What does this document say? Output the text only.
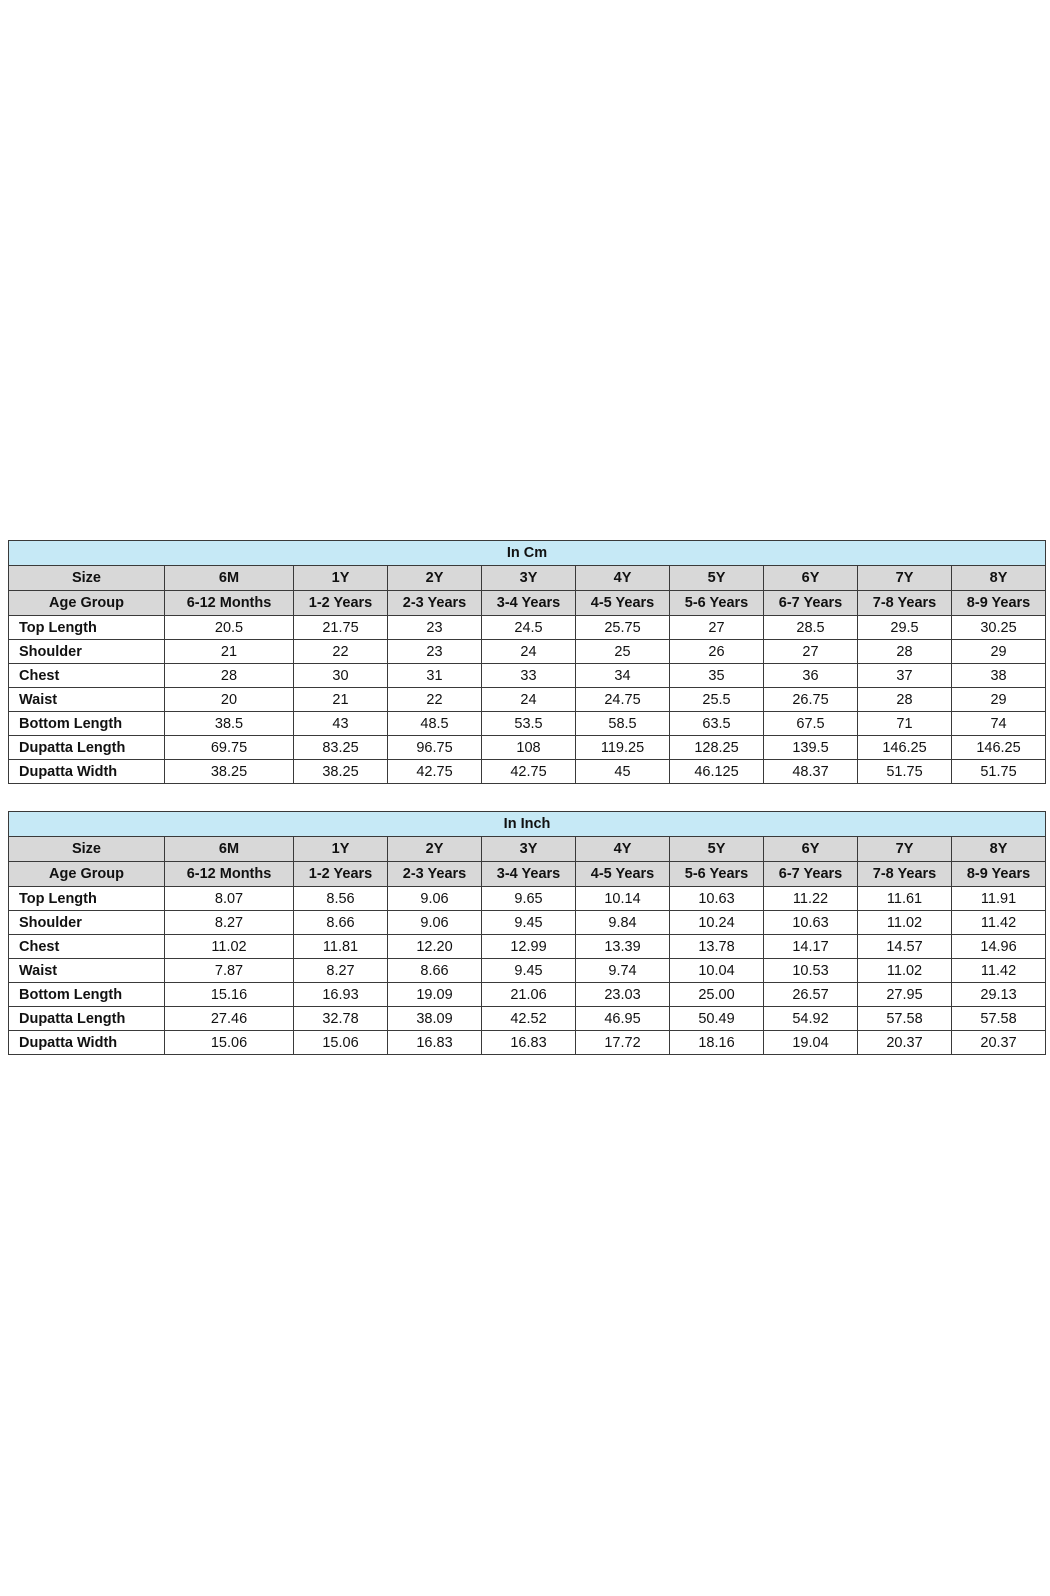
In Cm									
Size	6M	1Y	2Y	3Y	4Y	5Y	6Y	7Y	8Y
Age Group	6-12 Months	1-2 Years	2-3 Years	3-4 Years	4-5 Years	5-6 Years	6-7 Years	7-8 Years	8-9 Years
Top Length	20.5	21.75	23	24.5	25.75	27	28.5	29.5	30.25
Shoulder	21	22	23	24	25	26	27	28	29
Chest	28	30	31	33	34	35	36	37	38
Waist	20	21	22	24	24.75	25.5	26.75	28	29
Bottom Length	38.5	43	48.5	53.5	58.5	63.5	67.5	71	74
Dupatta Length	69.75	83.25	96.75	108	119.25	128.25	139.5	146.25	146.25
Dupatta Width	38.25	38.25	42.75	42.75	45	46.125	48.37	51.75	51.75
In Inch									
Size	6M	1Y	2Y	3Y	4Y	5Y	6Y	7Y	8Y
Age Group	6-12 Months	1-2 Years	2-3 Years	3-4 Years	4-5 Years	5-6 Years	6-7 Years	7-8 Years	8-9 Years
Top Length	8.07	8.56	9.06	9.65	10.14	10.63	11.22	11.61	11.91
Shoulder	8.27	8.66	9.06	9.45	9.84	10.24	10.63	11.02	11.42
Chest	11.02	11.81	12.20	12.99	13.39	13.78	14.17	14.57	14.96
Waist	7.87	8.27	8.66	9.45	9.74	10.04	10.53	11.02	11.42
Bottom Length	15.16	16.93	19.09	21.06	23.03	25.00	26.57	27.95	29.13
Dupatta Length	27.46	32.78	38.09	42.52	46.95	50.49	54.92	57.58	57.58
Dupatta Width	15.06	15.06	16.83	16.83	17.72	18.16	19.04	20.37	20.37
